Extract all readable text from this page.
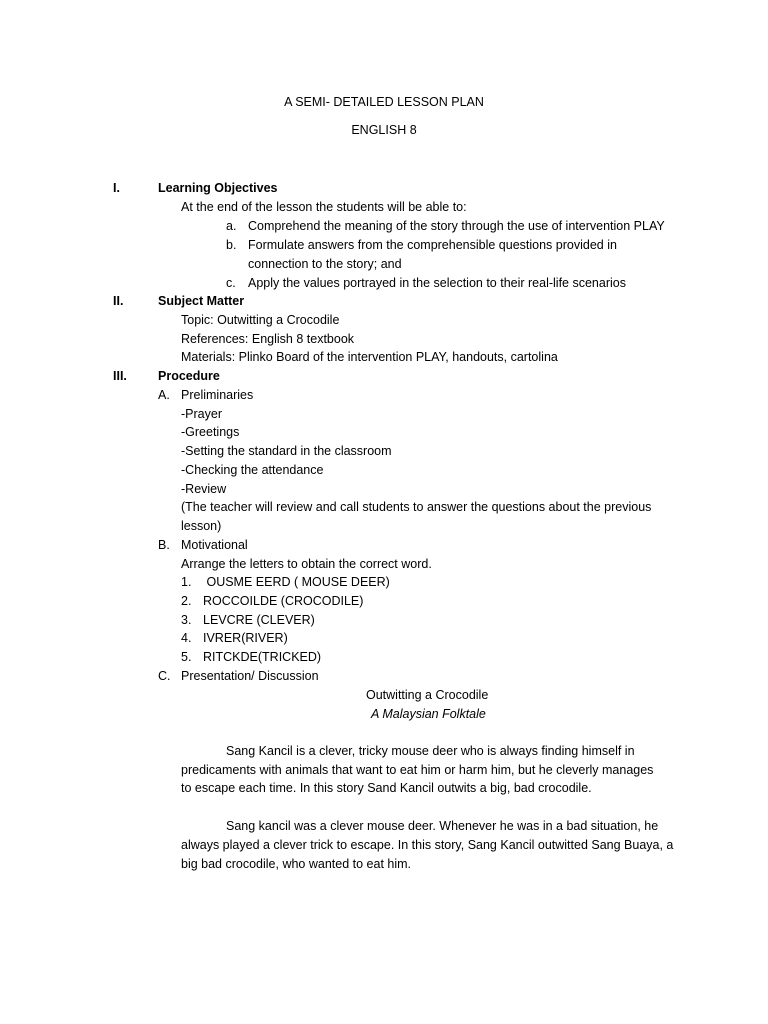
A SEMI- DETAILED LESSON PLAN
ENGLISH 8
I.	Learning Objectives
At the end of the lesson the students will be able to:
a. Comprehend the meaning of the story through the use of intervention PLAY
b. Formulate answers from the comprehensible questions provided in
connection to the story; and
c. Apply the values portrayed in the selection to their real-life scenarios
II.	Subject Matter
Topic: Outwitting a Crocodile
References: English 8 textbook
Materials: Plinko Board of the intervention PLAY, handouts, cartolina
III. Procedure
A. Preliminaries
-Prayer
-Greetings
-Setting the standard in the classroom
-Checking the attendance
-Review
(The teacher will review and call students to answer the questions about the previous
lesson)
B. Motivational
Arrange the letters to obtain the correct word.
1. OUSME EERD ( MOUSE DEER)
2. ROCCOILDE (CROCODILE)
3. LEVCRE (CLEVER)
4. IVRER(RIVER)
5. RITCKDE(TRICKED)
C. Presentation/ Discussion
Outwitting a Crocodile
A Malaysian Folktale
Sang Kancil is a clever, tricky mouse deer who is always finding himself in
predicaments with animals that want to eat him or harm him, but he cleverly manages
to escape each time. In this story Sand Kancil outwits a big, bad crocodile.
Sang kancil was a clever mouse deer. Whenever he was in a bad situation, he
always played a clever trick to escape. In this story, Sang Kancil outwitted Sang Buaya, a
big bad crocodile, who wanted to eat him.
